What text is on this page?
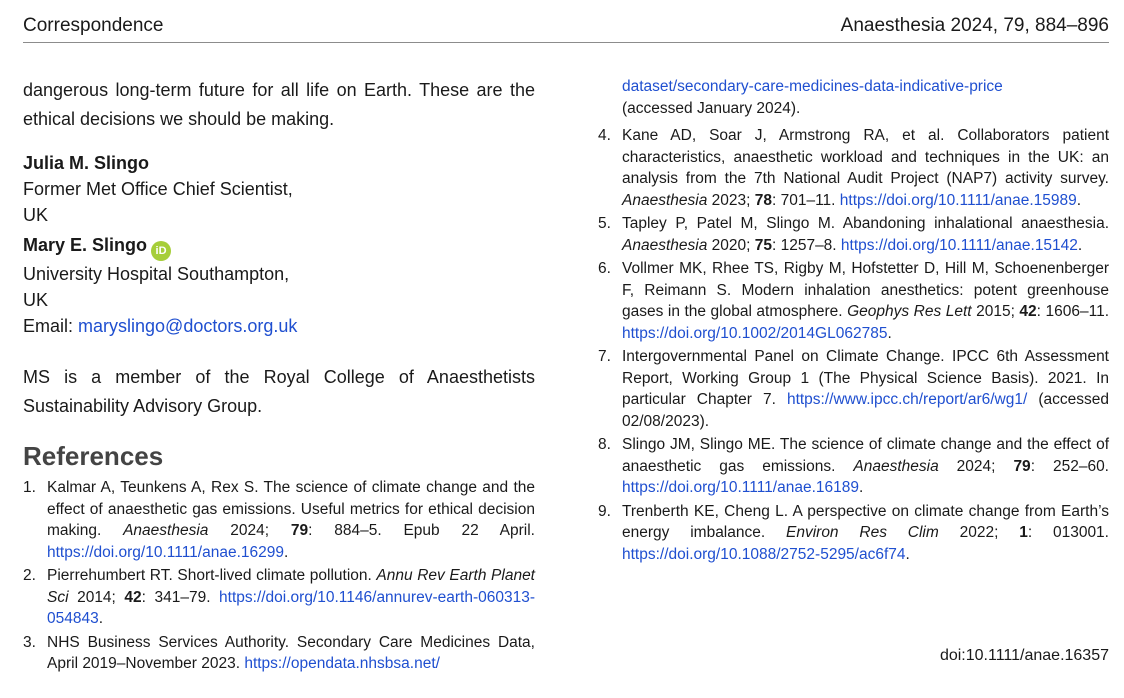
Correspondence	Anaesthesia 2024, 79, 884–896

dangerous long-term future for all life on Earth. These are the ethical decisions we should be making.

Julia M. Slingo
Former Met Office Chief Scientist,
UK
Mary E. Slingo iD
University Hospital Southampton,
UK
Email: maryslingo@doctors.org.uk

MS is a member of the Royal College of Anaesthetists Sustainability Advisory Group.

References
1. Kalmar A, Teunkens A, Rex S. The science of climate change and the effect of anaesthetic gas emissions. Useful metrics for ethical decision making. Anaesthesia 2024; 79: 884–5. Epub 22 April. https://doi.org/10.1111/anae.16299.
2. Pierrehumbert RT. Short-lived climate pollution. Annu Rev Earth Planet Sci 2014; 42: 341–79. https://doi.org/10.1146/annurev-earth-060313-054843.
3. NHS Business Services Authority. Secondary Care Medicines Data, April 2019–November 2023. https://opendata.nhsbsa.net/
dataset/secondary-care-medicines-data-indicative-price
(accessed January 2024).
4. Kane AD, Soar J, Armstrong RA, et al. Collaborators patient characteristics, anaesthetic workload and techniques in the UK: an analysis from the 7th National Audit Project (NAP7) activity survey. Anaesthesia 2023; 78: 701–11. https://doi.org/10.1111/anae.15989.
5. Tapley P, Patel M, Slingo M. Abandoning inhalational anaesthesia. Anaesthesia 2020; 75: 1257–8. https://doi.org/10.1111/anae.15142.
6. Vollmer MK, Rhee TS, Rigby M, Hofstetter D, Hill M, Schoenenberger F, Reimann S. Modern inhalation anesthetics: potent greenhouse gases in the global atmosphere. Geophys Res Lett 2015; 42: 1606–11. https://doi.org/10.1002/2014GL062785.
7. Intergovernmental Panel on Climate Change. IPCC 6th Assessment Report, Working Group 1 (The Physical Science Basis). 2021. In particular Chapter 7. https://www.ipcc.ch/report/ar6/wg1/ (accessed 02/08/2023).
8. Slingo JM, Slingo ME. The science of climate change and the effect of anaesthetic gas emissions. Anaesthesia 2024; 79: 252–60. https://doi.org/10.1111/anae.16189.
9. Trenberth KE, Cheng L. A perspective on climate change from Earth’s energy imbalance. Environ Res Clim 2022; 1: 013001. https://doi.org/10.1088/2752-5295/ac6f74.
doi:10.1111/anae.16357
